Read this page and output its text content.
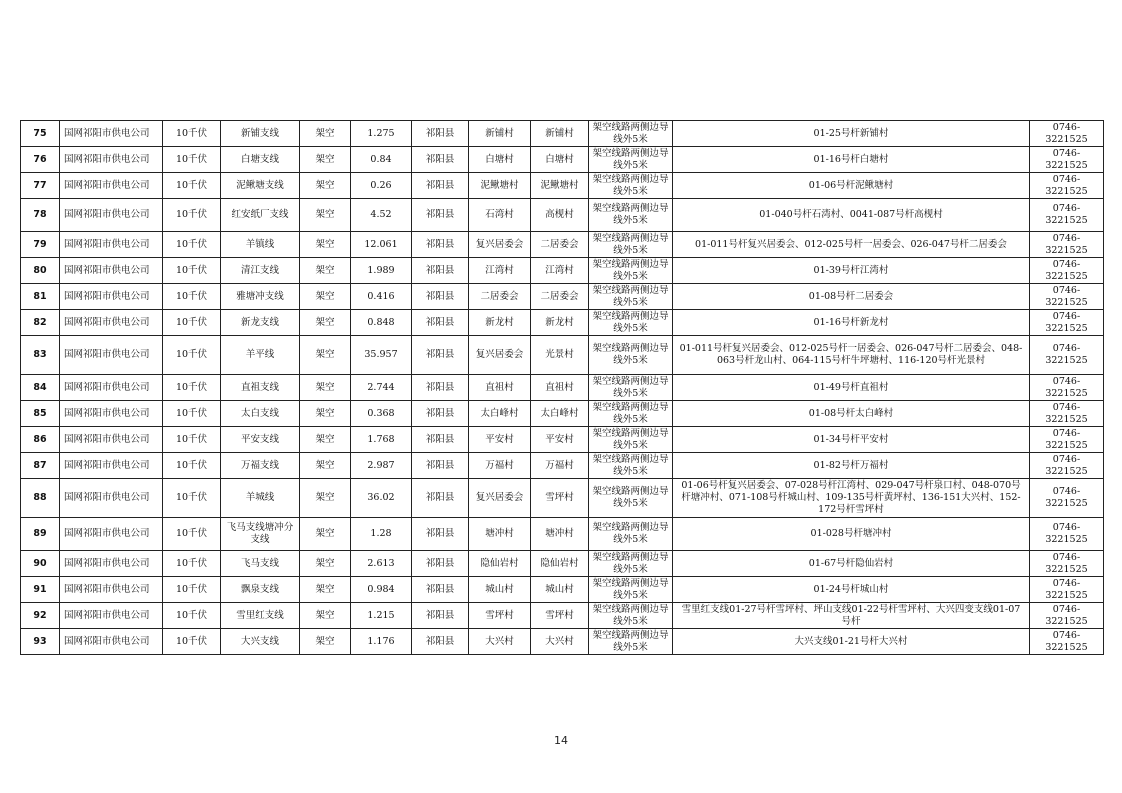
75	国网祁阳市供电公司	10千伏	新铺支线	架空	1.275	祁阳县	新铺村	新铺村	架空线路两侧边导线外5米	01-25号杆新铺村	0746-3221525
76	国网祁阳市供电公司	10千伏	白塘支线	架空	0.84	祁阳县	白塘村	白塘村	架空线路两侧边导线外5米	01-16号杆白塘村	0746-3221525
77	国网祁阳市供电公司	10千伏	泥鳅塘支线	架空	0.26	祁阳县	泥鳅塘村	泥鳅塘村	架空线路两侧边导线外5米	01-06号杆泥鳅塘村	0746-3221525
78	国网祁阳市供电公司	10千伏	红安纸厂支线	架空	4.52	祁阳县	石湾村	高枧村	架空线路两侧边导线外5米	01-040号杆石湾村、0041-087号杆高枧村	0746-3221525
79	国网祁阳市供电公司	10千伏	羊镇线	架空	12.061	祁阳县	复兴居委会	二居委会	架空线路两侧边导线外5米	01-011号杆复兴居委会、012-025号杆一居委会、026-047号杆二居委会	0746-3221525
80	国网祁阳市供电公司	10千伏	清江支线	架空	1.989	祁阳县	江湾村	江湾村	架空线路两侧边导线外5米	01-39号杆江湾村	0746-3221525
81	国网祁阳市供电公司	10千伏	雅塘冲支线	架空	0.416	祁阳县	二居委会	二居委会	架空线路两侧边导线外5米	01-08号杆二居委会	0746-3221525
82	国网祁阳市供电公司	10千伏	新龙支线	架空	0.848	祁阳县	新龙村	新龙村	架空线路两侧边导线外5米	01-16号杆新龙村	0746-3221525
83	国网祁阳市供电公司	10千伏	羊平线	架空	35.957	祁阳县	复兴居委会	光景村	架空线路两侧边导线外5米	01-011号杆复兴居委会、012-025号杆一居委会、026-047号杆二居委会、048-063号杆龙山村、064-115号杆牛坪塘村、116-120号杆光景村	0746-3221525
84	国网祁阳市供电公司	10千伏	直祖支线	架空	2.744	祁阳县	直祖村	直祖村	架空线路两侧边导线外5米	01-49号杆直祖村	0746-3221525
85	国网祁阳市供电公司	10千伏	太白支线	架空	0.368	祁阳县	太白峰村	太白峰村	架空线路两侧边导线外5米	01-08号杆太白峰村	0746-3221525
86	国网祁阳市供电公司	10千伏	平安支线	架空	1.768	祁阳县	平安村	平安村	架空线路两侧边导线外5米	01-34号杆平安村	0746-3221525
87	国网祁阳市供电公司	10千伏	万福支线	架空	2.987	祁阳县	万福村	万福村	架空线路两侧边导线外5米	01-82号杆万福村	0746-3221525
88	国网祁阳市供电公司	10千伏	羊城线	架空	36.02	祁阳县	复兴居委会	雪坪村	架空线路两侧边导线外5米	01-06号杆复兴居委会、07-028号杆江湾村、029-047号杆泉口村、048-070号杆塘冲村、071-108号杆城山村、109-135号杆黄坪村、136-151大兴村、152-172号杆雪坪村	0746-3221525
89	国网祁阳市供电公司	10千伏	飞马支线塘冲分支线	架空	1.28	祁阳县	塘冲村	塘冲村	架空线路两侧边导线外5米	01-028号杆塘冲村	0746-3221525
90	国网祁阳市供电公司	10千伏	飞马支线	架空	2.613	祁阳县	隐仙岩村	隐仙岩村	架空线路两侧边导线外5米	01-67号杆隐仙岩村	0746-3221525
91	国网祁阳市供电公司	10千伏	飘泉支线	架空	0.984	祁阳县	城山村	城山村	架空线路两侧边导线外5米	01-24号杆城山村	0746-3221525
92	国网祁阳市供电公司	10千伏	雪里红支线	架空	1.215	祁阳县	雪坪村	雪坪村	架空线路两侧边导线外5米	雪里红支线01-27号杆雪坪村、坪山支线01-22号杆雪坪村、大兴四变支线01-07号杆	0746-3221525
93	国网祁阳市供电公司	10千伏	大兴支线	架空	1.176	祁阳县	大兴村	大兴村	架空线路两侧边导线外5米	大兴支线01-21号杆大兴村	0746-3221525
14
